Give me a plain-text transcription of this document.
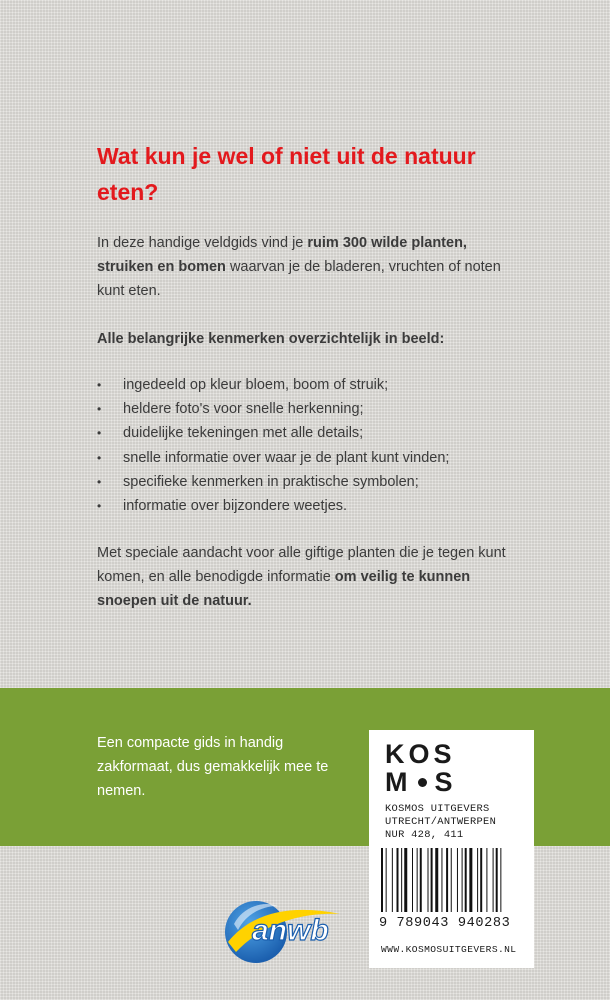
Wat kun je wel of niet uit de natuur eten?

In deze handige veldgids vind je ruim 300 wilde planten, struiken en bomen waarvan je de bladeren, vruchten of noten kunt eten.

Alle belangrijke kenmerken overzichtelijk in beeld:

• ingedeeld op kleur bloem, boom of struik;
• heldere foto's voor snelle herkenning;
• duidelijke tekeningen met alle details;
• snelle informatie over waar je de plant kunt vinden;
• specifieke kenmerken in praktische symbolen;
• informatie over bijzondere weetjes.

Met speciale aandacht voor alle giftige planten die je tegen kunt komen, en alle benodigde informatie om veilig te kunnen snoepen uit de natuur.

Een compacte gids in handig zakformaat, dus gemakkelijk mee te nemen.

KOS
M S
KOSMOS UITGEVERS
UTRECHT/ANTWERPEN
NUR 428, 411
9 789043 940283
WWW.KOSMOSUITGEVERS.NL
anwb
